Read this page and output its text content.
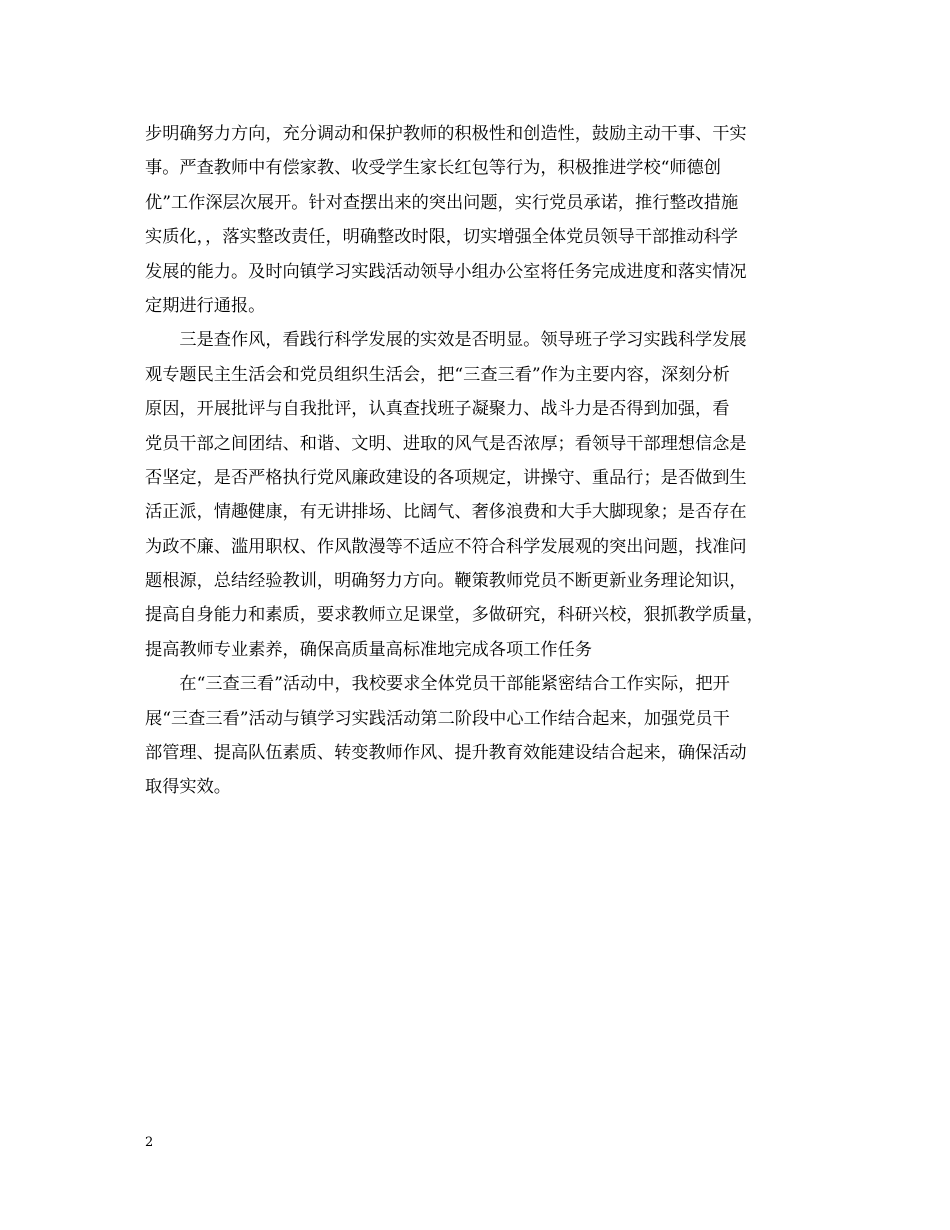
步明确努力方向，充分调动和保护教师的积极性和创造性，鼓励主动干事、干实
事。严查教师中有偿家教、收受学生家长红包等行为，积极推进学校“师德创
优”工作深层次展开。针对查摆出来的突出问题，实行党员承诺，推行整改措施
实质化，，落实整改责任，明确整改时限，切实增强全体党员领导干部推动科学
发展的能力。及时向镇学习实践活动领导小组办公室将任务完成进度和落实情况
定期进行通报。
　　三是查作风，看践行科学发展的实效是否明显。领导班子学习实践科学发展
观专题民主生活会和党员组织生活会，把“三查三看”作为主要内容，深刻分析
原因，开展批评与自我批评，认真查找班子凝聚力、战斗力是否得到加强，看
党员干部之间团结、和谐、文明、进取的风气是否浓厚；看领导干部理想信念是
否坚定，是否严格执行党风廉政建设的各项规定，讲操守、重品行；是否做到生
活正派，情趣健康，有无讲排场、比阔气、奢侈浪费和大手大脚现象；是否存在
为政不廉、滥用职权、作风散漫等不适应不符合科学发展观的突出问题，找准问
题根源，总结经验教训，明确努力方向。鞭策教师党员不断更新业务理论知识，
提高自身能力和素质，要求教师立足课堂，多做研究，科研兴校，狠抓教学质量，
提高教师专业素养，确保高质量高标准地完成各项工作任务
　　在“三查三看”活动中，我校要求全体党员干部能紧密结合工作实际，把开
展“三查三看”活动与镇学习实践活动第二阶段中心工作结合起来，加强党员干
部管理、提高队伍素质、转变教师作风、提升教育效能建设结合起来，确保活动
取得实效。
2
